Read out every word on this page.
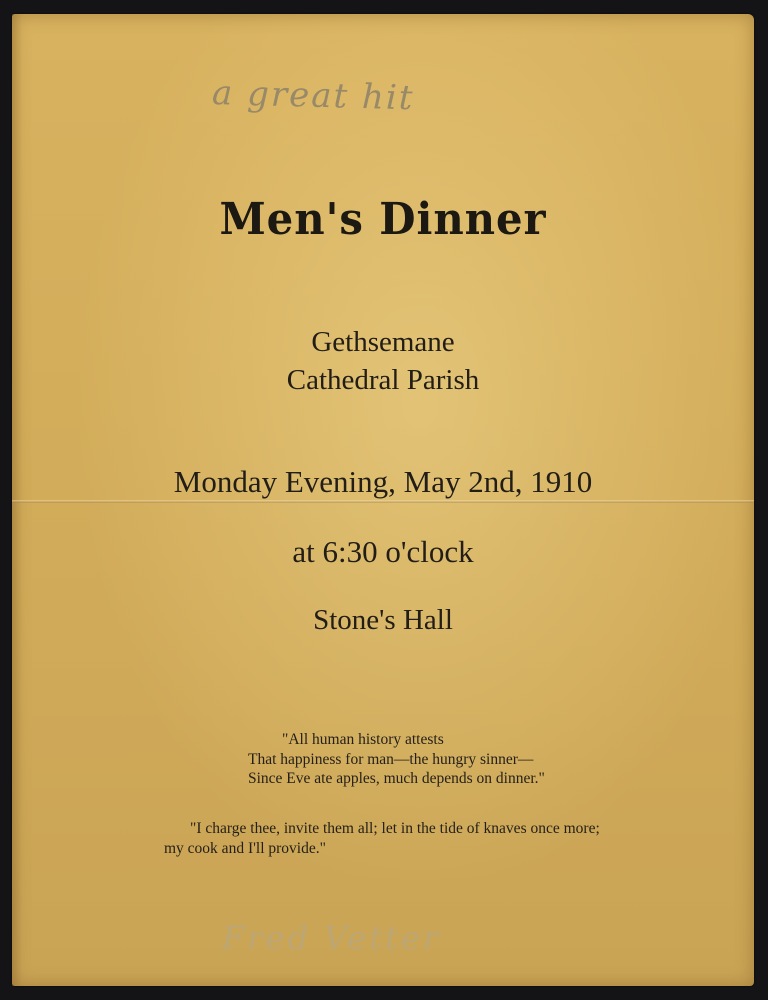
a great hit
Men's Dinner
Gethsemane
Cathedral Parish
Monday Evening, May 2nd, 1910
at 6:30 o'clock
Stone's Hall
"All human history attests
That happiness for man—the hungry sinner—
Since Eve ate apples, much depends on dinner."
"I charge thee, invite them all; let in the tide of knaves once more;
my cook and I'll provide."
Fred Vetter
